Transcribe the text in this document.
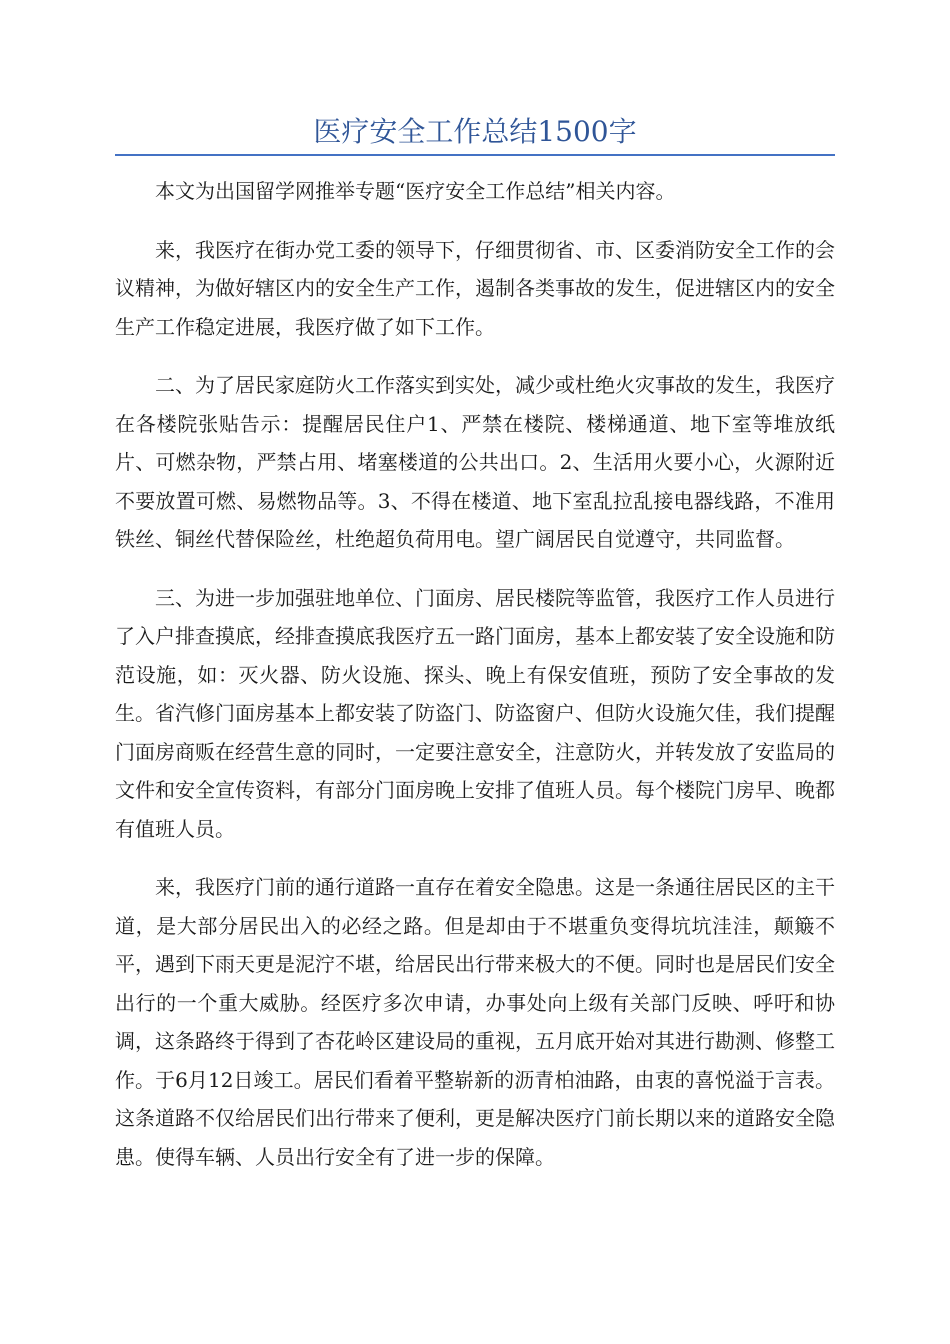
医疗安全工作总结1500字

本文为出国留学网推举专题“医疗安全工作总结”相关内容。

来，我医疗在街办党工委的领导下，仔细贯彻省、市、区委消防安全工作的会议精神，为做好辖区内的安全生产工作，遏制各类事故的发生，促进辖区内的安全生产工作稳定进展，我医疗做了如下工作。

二、为了居民家庭防火工作落实到实处，减少或杜绝火灾事故的发生，我医疗在各楼院张贴告示：提醒居民住户1、严禁在楼院、楼梯通道、地下室等堆放纸片、可燃杂物，严禁占用、堵塞楼道的公共出口。2、生活用火要小心，火源附近不要放置可燃、易燃物品等。3、不得在楼道、地下室乱拉乱接电器线路，不准用铁丝、铜丝代替保险丝，杜绝超负荷用电。望广阔居民自觉遵守，共同监督。

三、为进一步加强驻地单位、门面房、居民楼院等监管，我医疗工作人员进行了入户排查摸底，经排查摸底我医疗五一路门面房，基本上都安装了安全设施和防范设施，如：灭火器、防火设施、探头、晚上有保安值班，预防了安全事故的发生。省汽修门面房基本上都安装了防盗门、防盗窗户、但防火设施欠佳，我们提醒门面房商贩在经营生意的同时，一定要注意安全，注意防火，并转发放了安监局的文件和安全宣传资料，有部分门面房晚上安排了值班人员。每个楼院门房早、晚都有值班人员。

来，我医疗门前的通行道路一直存在着安全隐患。这是一条通往居民区的主干道，是大部分居民出入的必经之路。但是却由于不堪重负变得坑坑洼洼，颠簸不平，遇到下雨天更是泥泞不堪，给居民出行带来极大的不便。同时也是居民们安全出行的一个重大威胁。经医疗多次申请，办事处向上级有关部门反映、呼吁和协调，这条路终于得到了杏花岭区建设局的重视，五月底开始对其进行勘测、修整工作。于6月12日竣工。居民们看着平整崭新的沥青柏油路，由衷的喜悦溢于言表。这条道路不仅给居民们出行带来了便利，更是解决医疗门前长期以来的道路安全隐患。使得车辆、人员出行安全有了进一步的保障。
